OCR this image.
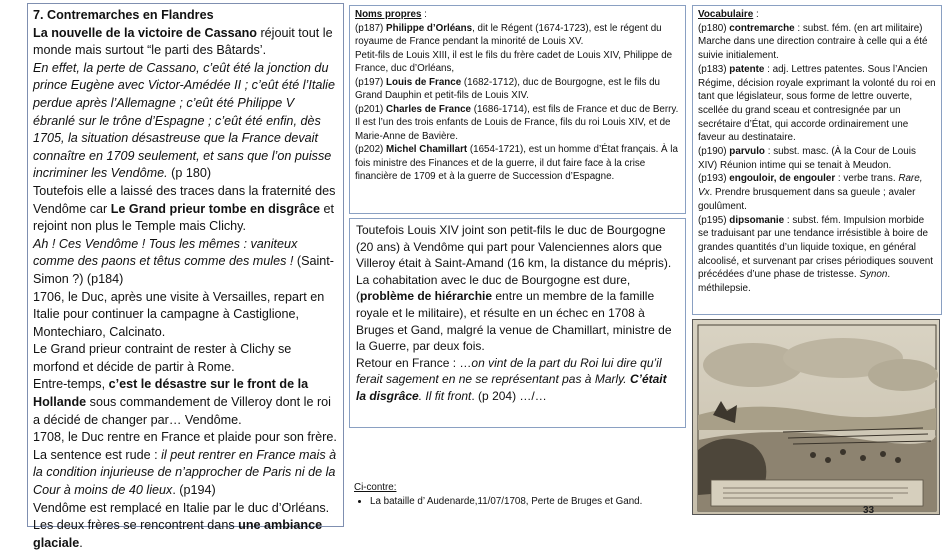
7. Contremarches en Flandres

La nouvelle de la victoire de Cassano réjouit tout le monde mais surtout “le parti des Bâtards’.

En effet, la perte de Cassano, c’eût été la jonction du prince Eugène avec Victor-Amédée II ; c’eût été l’Italie perdue après l’Allemagne ; c’eût été Philippe V ébranlé sur le trône d’Espagne ; c’eût été enfin, dès 1705, la situation désastreuse que la France devait connaître en 1709 seulement, et sans que l’on puisse incriminer les Vendôme. (p 180)

Toutefois elle a laissé des traces dans la fraternité des Vendôme car Le Grand prieur tombe en disgrâce et rejoint non plus le Temple mais Clichy.

Ah ! Ces Vendôme ! Tous les mêmes : vaniteux comme des paons et têtus comme des mules ! (Saint-Simon ?) (p184)

1706, le Duc, après une visite à Versailles, repart en Italie pour continuer la campagne à Castiglione, Montechiaro, Calcinato.

Le Grand prieur contraint de rester à Clichy se morfond et décide de partir à Rome.

Entre-temps, c’est le désastre sur le front de la Hollande sous commandement de Villeroy dont le roi a décidé de changer par… Vendôme.

1708, le Duc rentre en France et plaide pour son frère. La sentence est rude : il peut rentrer en France mais à la condition injurieuse de n’approcher de Paris ni de la Cour à moins de 40 lieux. (p194)

Vendôme est remplacé en Italie par le duc d’Orléans. Les deux frères se rencontrent dans une ambiance glaciale.

Noms propres :

(p187) Philippe d’Orléans, dit le Régent (1674-1723), est le régent du royaume de France pendant la minorité de Louis XV.

Petit-fils de Louis XIII, il est le fils du frère cadet de Louis XIV, Philippe de France, duc d’Orléans,

(p197) Louis de France (1682-1712), duc de Bourgogne, est le fils du Grand Dauphin et petit-fils de Louis XIV.

(p201) Charles de France (1686-1714), est fils de France et duc de Berry. Il est l’un des trois enfants de Louis de France, fils du roi Louis XIV, et de Marie-Anne de Bavière.

(p202) Michel Chamillart (1654-1721), est un homme d’État français. À la fois ministre des Finances et de la guerre, il dut faire face à la crise financière de 1709 et à la guerre de Succession d’Espagne.

Toutefois Louis XIV joint son petit-fils le duc de Bourgogne (20 ans) à Vendôme qui part pour Valenciennes alors que Villeroy était à Saint-Amand (16 km, la distance du mépris).

La cohabitation avec le duc de Bourgogne est dure, (problème de hiérarchie entre un membre de la famille royale et le militaire), et résulte en un échec en 1708 à Bruges et Gand, malgré la venue de Chamillart, ministre de la Guerre, par deux fois.

Retour en France : …on vint de la part du Roi lui dire qu’il ferait sagement en ne se représentant pas à Marly. C’était la disgrâce. Il fit front. (p 204) …/…

Ci-contre:
• La bataille d’ Audenarde,11/07/1708, Perte de Bruges et Gand.

Vocabulaire :

(p180) contremarche : subst. fém. (en art militaire) Marche dans une direction contraire à celle qui a été suivie initialement.

(p183) patente : adj. Lettres patentes. Sous l’Ancien Régime, décision royale exprimant la volonté du roi en tant que législateur, sous forme de lettre ouverte, scellée du grand sceau et contresignée par un secrétaire d’État, qui accorde ordinairement une faveur au destinataire.

(p190) parvulo : subst. masc. (À la Cour de Louis XIV) Réunion intime qui se tenait à Meudon.

(p193) engouloir, de engouler : verbe trans. Rare, Vx. Prendre brusquement dans sa gueule ; avaler goulûment.

(p195) dipsomanie : subst. fém. Impulsion morbide se traduisant par une tendance irrésistible à boire de grandes quantités d’un liquide toxique, en général alcoolisé, et survenant par crises périodiques souvent précédées d’une phase de tristesse. Synon. méthilepsie.

33
